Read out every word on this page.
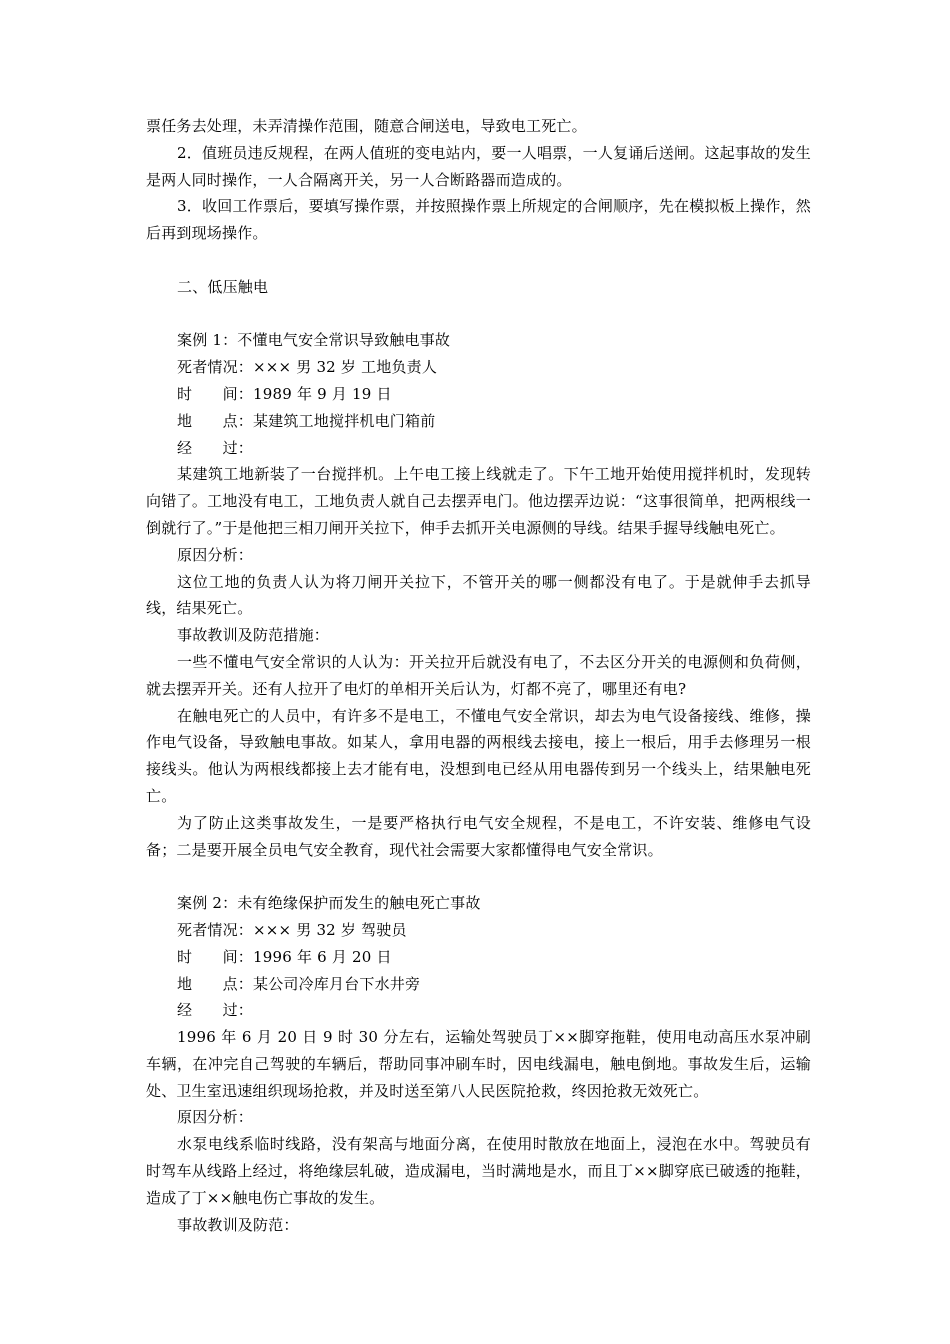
票任务去处理，未弄清操作范围，随意合闸送电，导致电工死亡。

2．值班员违反规程，在两人值班的变电站内，要一人唱票，一人复诵后送闸。这起事故的发生是两人同时操作，一人合隔离开关，另一人合断路器而造成的。

3．收回工作票后，要填写操作票，并按照操作票上所规定的合闸顺序，先在模拟板上操作，然后再到现场操作。

二、低压触电

案例 1：不懂电气安全常识导致触电事故

死者情况：××× 男 32 岁 工地负责人

时　　间：1989 年 9 月 19 日

地　　点：某建筑工地搅拌机电门箱前

经　　过：

某建筑工地新装了一台搅拌机。上午电工接上线就走了。下午工地开始使用搅拌机时，发现转向错了。工地没有电工，工地负责人就自己去摆弄电门。他边摆弄边说：“这事很简单，把两根线一倒就行了。”于是他把三相刀闸开关拉下，伸手去抓开关电源侧的导线。结果手握导线触电死亡。

原因分析：

这位工地的负责人认为将刀闸开关拉下，不管开关的哪一侧都没有电了。于是就伸手去抓导线，结果死亡。

事故教训及防范措施：

一些不懂电气安全常识的人认为：开关拉开后就没有电了，不去区分开关的电源侧和负荷侧，就去摆弄开关。还有人拉开了电灯的单相开关后认为，灯都不亮了，哪里还有电?

在触电死亡的人员中，有许多不是电工，不懂电气安全常识，却去为电气设备接线、维修，操作电气设备，导致触电事故。如某人，拿用电器的两根线去接电，接上一根后，用手去修理另一根接线头。他认为两根线都接上去才能有电，没想到电已经从用电器传到另一个线头上，结果触电死亡。

为了防止这类事故发生，一是要严格执行电气安全规程，不是电工，不许安装、维修电气设备；二是要开展全员电气安全教育，现代社会需要大家都懂得电气安全常识。

案例 2：未有绝缘保护而发生的触电死亡事故

死者情况：××× 男 32 岁 驾驶员

时　　间：1996 年 6 月 20 日

地　　点：某公司冷库月台下水井旁

经　　过：

1996 年 6 月 20 日 9 时 30 分左右，运输处驾驶员丁××脚穿拖鞋，使用电动高压水泵冲刷车辆，在冲完自己驾驶的车辆后，帮助同事冲刷车时，因电线漏电，触电倒地。事故发生后，运输处、卫生室迅速组织现场抢救，并及时送至第八人民医院抢救，终因抢救无效死亡。

原因分析：

水泵电线系临时线路，没有架高与地面分离，在使用时散放在地面上，浸泡在水中。驾驶员有时驾车从线路上经过，将绝缘层轧破，造成漏电，当时满地是水，而且丁××脚穿底已破透的拖鞋，造成了丁××触电伤亡事故的发生。

事故教训及防范：
